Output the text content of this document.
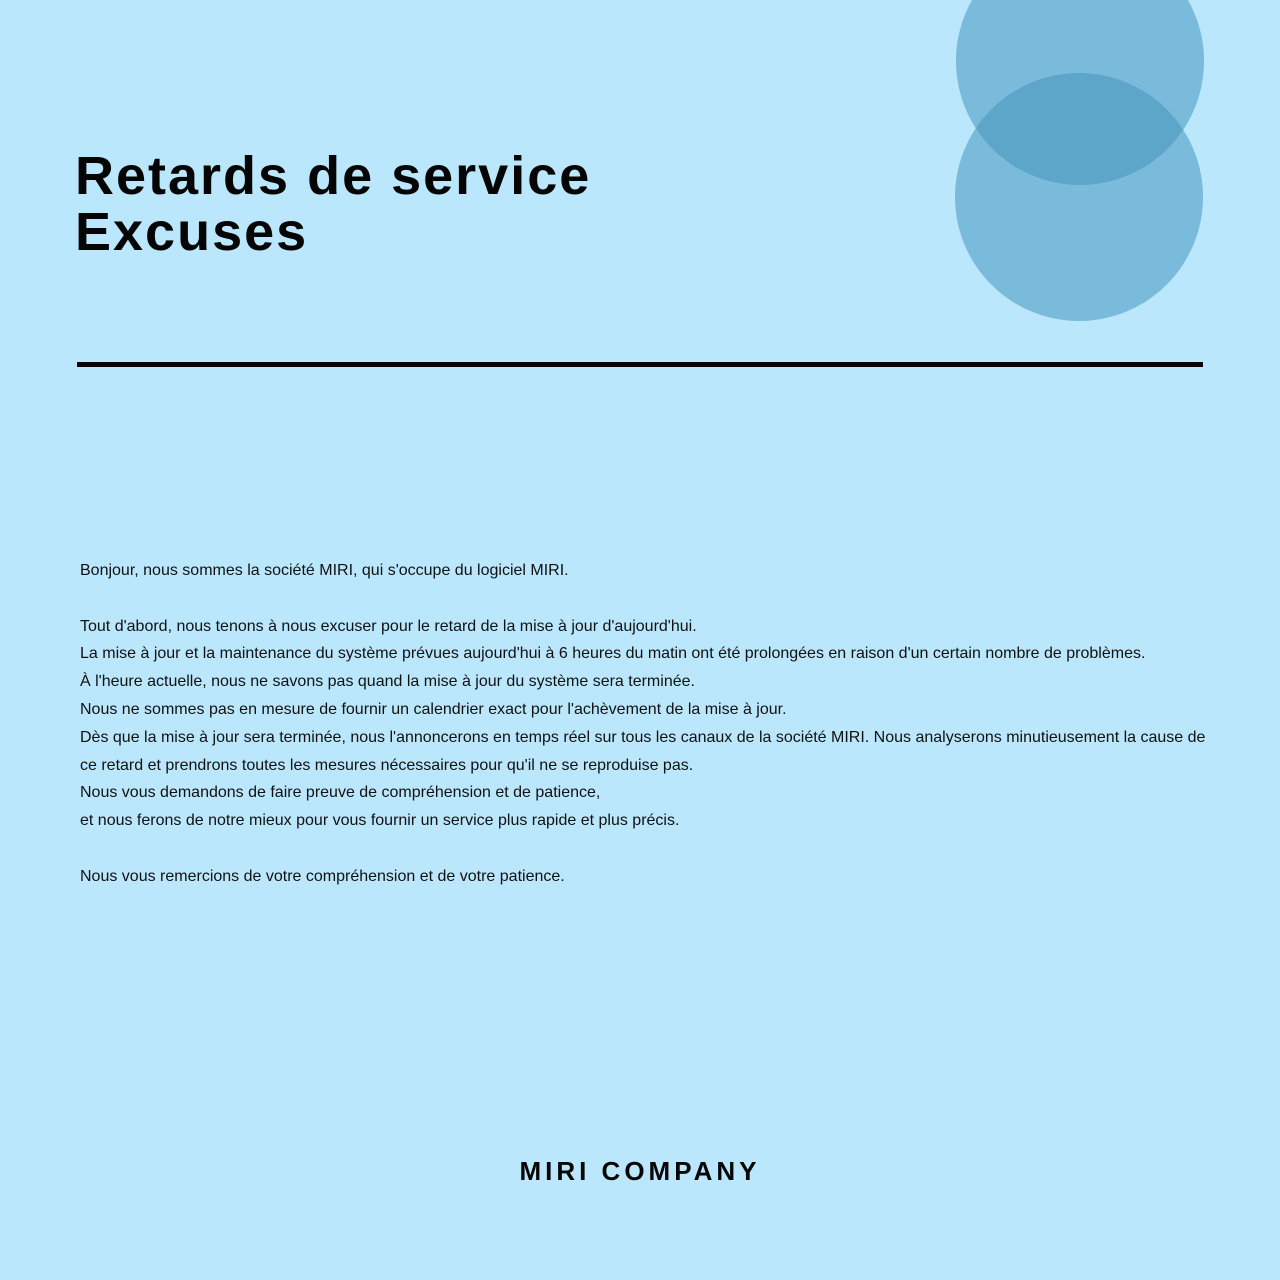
Retards de service
Excuses

Bonjour, nous sommes la société MIRI, qui s'occupe du logiciel MIRI.

Tout d'abord, nous tenons à nous excuser pour le retard de la mise à jour d'aujourd'hui.

La mise à jour et la maintenance du système prévues aujourd'hui à 6 heures du matin ont été prolongées en raison d'un certain nombre de problèmes.

À l'heure actuelle, nous ne savons pas quand la mise à jour du système sera terminée.

Nous ne sommes pas en mesure de fournir un calendrier exact pour l'achèvement de la mise à jour.

Dès que la mise à jour sera terminée, nous l'annoncerons en temps réel sur tous les canaux de la société MIRI. Nous analyserons minutieusement la cause de ce retard et prendrons toutes les mesures nécessaires pour qu'il ne se reproduise pas.

Nous vous demandons de faire preuve de compréhension et de patience,

et nous ferons de notre mieux pour vous fournir un service plus rapide et plus précis.

Nous vous remercions de votre compréhension et de votre patience.

MIRI COMPANY
